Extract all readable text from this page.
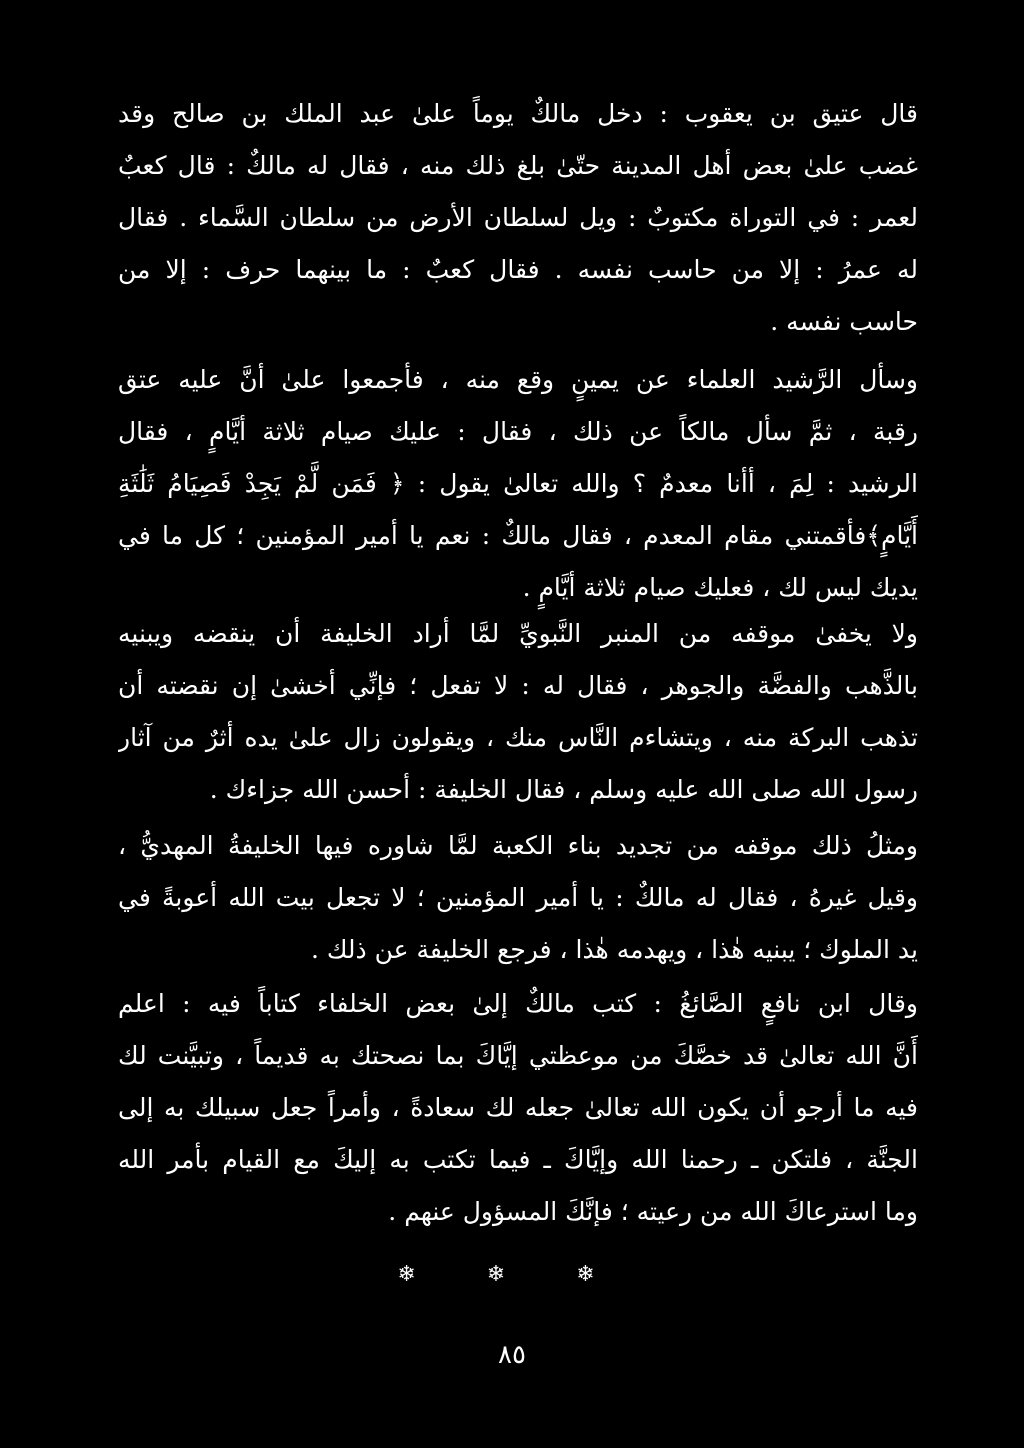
قال عتيق بن يعقوب : دخل مالكٌ يوماً علىٰ عبد الملك بن صالح وقد
غضب علىٰ بعض أهل المدينة حتّىٰ بلغ ذلك منه ، فقال له مالكٌ : قال كعبٌ
لعمر : في التوراة مكتوبٌ : ويل لسلطان الأرض من سلطان السَّماء . فقال
له عمرُ : إلا من حاسب نفسه . فقال كعبٌ : ما بينهما حرف : إلا من
حاسب نفسه .
وسأل الرَّشيد العلماء عن يمينٍ وقع منه ، فأجمعوا علىٰ أنَّ عليه عتق
رقبة ، ثمَّ سأل مالكاً عن ذلك ، فقال : عليك صيام ثلاثة أيَّامٍ ، فقال
الرشيد : لِمَ ، أأنا معدمٌ ؟ والله تعالىٰ يقول : ﴿ فَمَن لَّمْ يَجِدْ فَصِيَامُ ثَلَٰثَةِ
أَيَّامٍ﴾فأقمتني مقام المعدم ، فقال مالكٌ : نعم يا أمير المؤمنين ؛ كل ما في
يديك ليس لك ، فعليك صيام ثلاثة أيَّامٍ .
ولا يخفىٰ موقفه من المنبر النَّبويِّ لمَّا أراد الخليفة أن ينقضه ويبنيه
بالذَّهب والفضَّة والجوهر ، فقال له : لا تفعل ؛ فإنِّي أخشىٰ إن نقضته أن
تذهب البركة منه ، ويتشاءم النَّاس منك ، ويقولون زال علىٰ يده أثرٌ من آثار
رسول الله صلى الله عليه وسلم ، فقال الخليفة : أحسن الله جزاءك .
ومثلُ ذلك موقفه من تجديد بناء الكعبة لمَّا شاوره فيها الخليفةُ المهديُّ ،
وقيل غيرهُ ، فقال له مالكٌ : يا أمير المؤمنين ؛ لا تجعل بيت الله أعوبةً في
يد الملوك ؛ يبنيه هٰذا ، ويهدمه هٰذا ، فرجع الخليفة عن ذلك .
وقال ابن نافعٍ الصَّائغُ : كتب مالكٌ إلىٰ بعض الخلفاء كتاباً فيه : اعلم
أَنَّ الله تعالىٰ قد خصَّكَ من موعظتي إيَّاكَ بما نصحتك به قديماً ، وتبيَّنت لك
فيه ما أرجو أن يكون الله تعالىٰ جعله لك سعادةً ، وأمراً جعل سبيلك به إلى
الجنَّة ، فلتكن ـ رحمنا الله وإيَّاكَ ـ فيما تكتب به إليكَ مع القيام بأمر الله
وما استرعاكَ الله من رعيته ؛ فإنَّكَ المسؤول عنهم .
❄ ❄ ❄
٨٥
